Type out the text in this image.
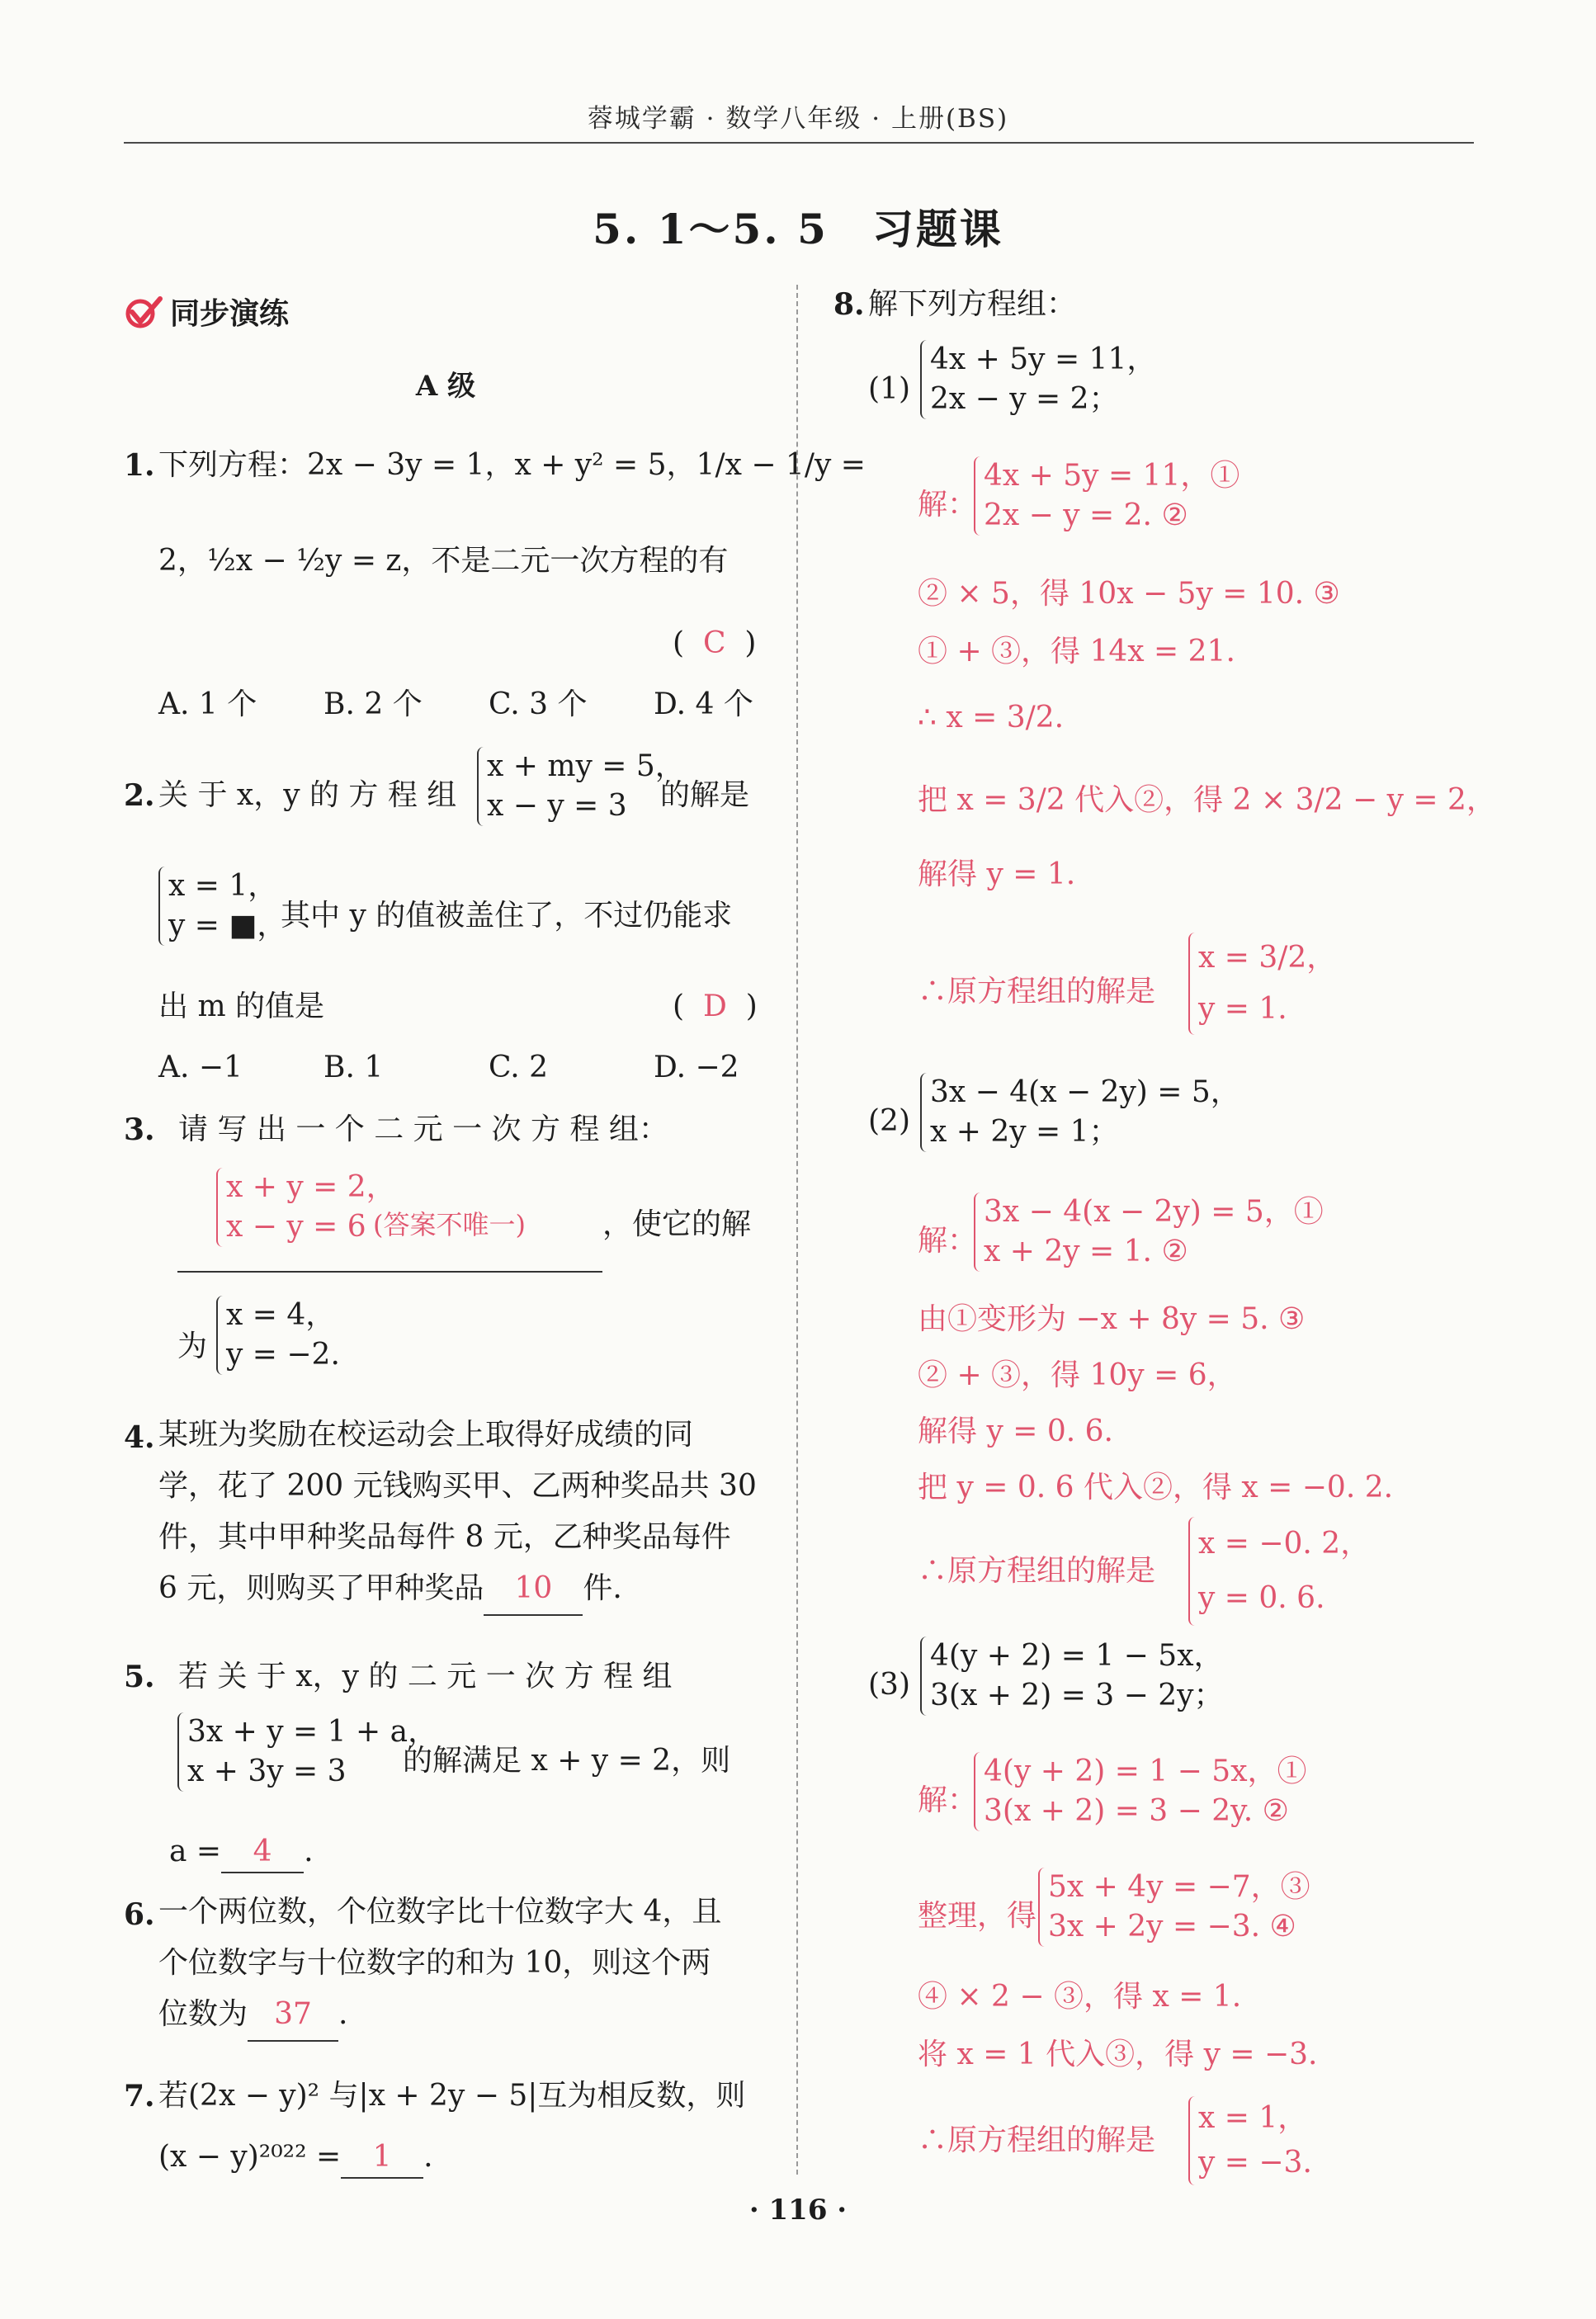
蓉城学霸 · 数学八年级 · 上册(BS)
5. 1～5. 5　习题课
同步演练
A 级
1. 下列方程：2x − 3y = 1，x + y² = 5，1/x − 1/y =
2，½x − ½y = z，不是二元一次方程的有
(  C  )
A. 1 个 B. 2 个 C. 3 个 D. 4 个
2. 关 于 x，y 的 方 程 组
x + my = 5，
x − y = 3	的解是
x = 1，
y = ■，
其中 y 的值被盖住了，不过仍能求
出 m 的值是	(  D  )
A. −1	B. 1	C. 2	D. −2
3. 请 写 出 一 个 二 元 一 次 方 程 组：
x + y = 2，
x − y = 6 (答案不唯一)	，使它的解
为
x = 4，
y = −2.
4. 某班为奖励在校运动会上取得好成绩的同
学，花了 200 元钱购买甲、乙两种奖品共 30
件，其中甲种奖品每件 8 元，乙种奖品每件
6 元，则购买了甲种奖品 10 件.
5. 若 关 于 x，y 的 二 元 一 次 方 程 组
3x + y = 1 + a，
x + 3y = 3	的解满足 x + y = 2，则
a = 4 .
6. 一个两位数，个位数字比十位数字大 4，且
个位数字与十位数字的和为 10，则这个两
位数为 37 .
7. 若(2x − y)² 与|x + 2y − 5|互为相反数，则
(x − y)²⁰²² = 1 .
8. 解下列方程组：
(1)
4x + 5y = 11，
2x − y = 2；
解：
4x + 5y = 11，①
2x − y = 2. ②
② × 5，得 10x − 5y = 10. ③
① + ③，得 14x = 21.
∴ x = 3/2.
把 x = 3/2 代入②，得 2 × 3/2 − y = 2，
解得 y = 1.
∴原方程组的解是
x = 3/2，
y = 1.
(2)
3x − 4(x − 2y) = 5，
x + 2y = 1；
解：
3x − 4(x − 2y) = 5，①
x + 2y = 1. ②
由①变形为 −x + 8y = 5. ③
② + ③，得 10y = 6，
解得 y = 0. 6.
把 y = 0. 6 代入②，得 x = −0. 2.
∴原方程组的解是
x = −0. 2，
y = 0. 6.
(3)
4(y + 2) = 1 − 5x，
3(x + 2) = 3 − 2y；
解：
4(y + 2) = 1 − 5x，①
3(x + 2) = 3 − 2y. ②
整理，得
5x + 4y = −7，③
3x + 2y = −3. ④
④ × 2 − ③，得 x = 1.
将 x = 1 代入③，得 y = −3.
∴原方程组的解是
x = 1，
y = −3.
· 116 ·
